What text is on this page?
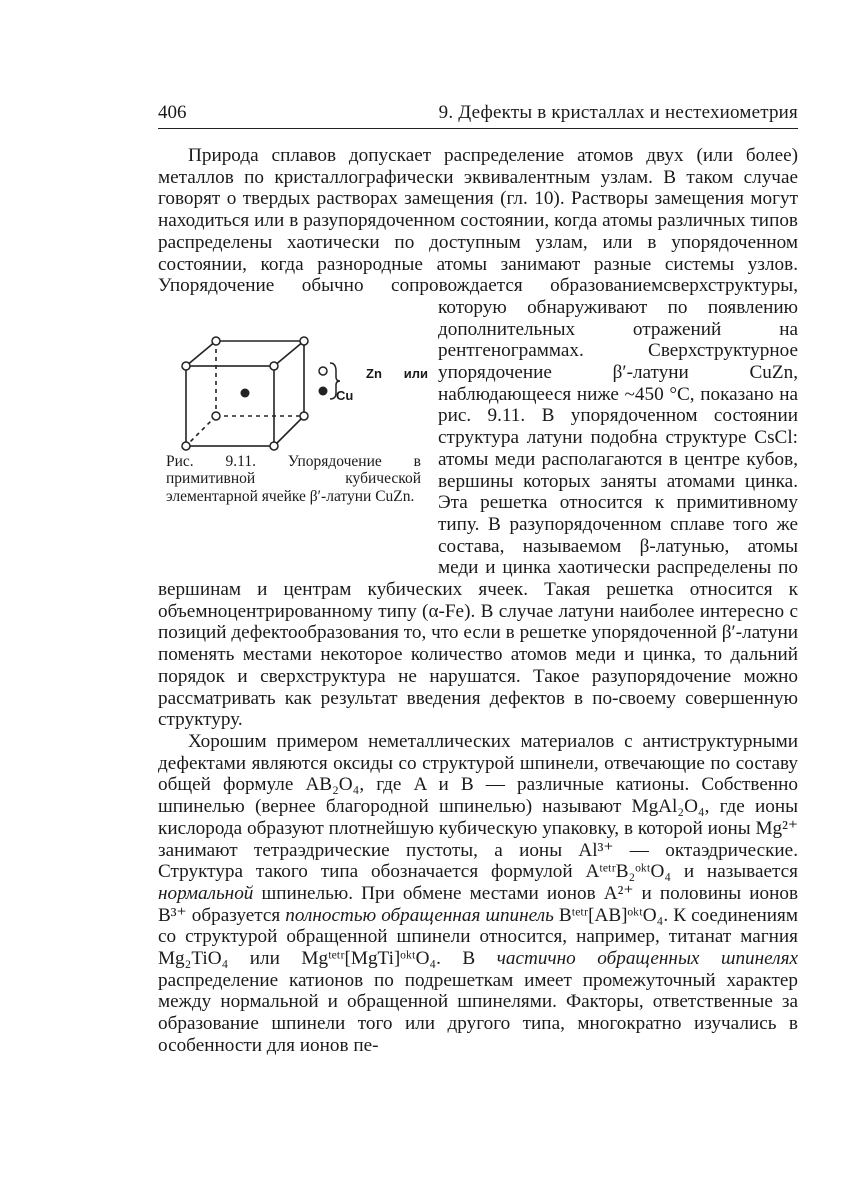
406	9. Дефекты в кристаллах и нестехиометрия

Природа сплавов допускает распределение атомов двух (или более) металлов по кристаллографически эквивалентным узлам. В таком случае говорят о твердых растворах замещения (гл. 10). Растворы замещения могут находиться или в разупорядоченном состоянии, когда атомы различных типов распределены хаотически по доступным узлам, или в упорядоченном состоянии, когда разнородные атомы занимают разные системы узлов. Упорядочение обычно сопровождается образованием
Zn или Cu
Рис. 9.11. Упорядочение в примитивной кубической элементарной ячейке β′-латуни CuZn.
сверхструктуры, которую обнаруживают по появлению дополнительных отражений на рентгенограммах. Сверхструктурное упорядочение β′-латуни CuZn, наблюдающееся ниже ~450 °C, показано на рис. 9.11. В упорядоченном состоянии структура латуни подобна структуре CsCl: атомы меди располагаются в центре кубов, вершины которых заняты атомами цинка. Эта решетка относится к примитивному типу. В разупорядоченном сплаве того же состава, называемом β-латунью, атомы меди и цинка хаотически распределены по вершинам и центрам кубических ячеек. Такая решетка относится к объемноцентрированному типу (α-Fe). В случае латуни наиболее интересно с позиций дефектообразования то, что если в решетке упорядоченной β′-латуни поменять местами некоторое количество атомов меди и цинка, то дальний порядок и сверхструктура не нарушатся. Такое разупорядочение можно рассматривать как результат введения дефектов в по-своему совершенную структуру.

Хорошим примером неметаллических материалов с антиструктурными дефектами являются оксиды со структурой шпинели, отвечающие по составу общей формуле AB₂O₄, где A и B — различные катионы. Собственно шпинелью (вернее благородной шпинелью) называют MgAl₂O₄, где ионы кислорода образуют плотнейшую кубическую упаковку, в которой ионы Mg²⁺ занимают тетраэдрические пустоты, а ионы Al³⁺ — октаэдрические. Структура такого типа обозначается формулой AᵗᵉᵗʳB₂ᵒᵏᵗO₄ и называется нормальной шпинелью. При обмене местами ионов A²⁺ и половины ионов B³⁺ образуется полностью обращенная шпинель Bᵗᵉᵗʳ[AB]ᵒᵏᵗO₄. К соединениям со структурой обращенной шпинели относится, например, титанат магния Mg₂TiO₄ или Mgᵗᵉᵗʳ[MgTi]ᵒᵏᵗO₄. В частично обращенных шпинелях распределение катионов по подрешеткам имеет промежуточный характер между нормальной и обращенной шпинелями. Факторы, ответственные за образование шпинели того или другого типа, многократно изучались в особенности для ионов пе-
